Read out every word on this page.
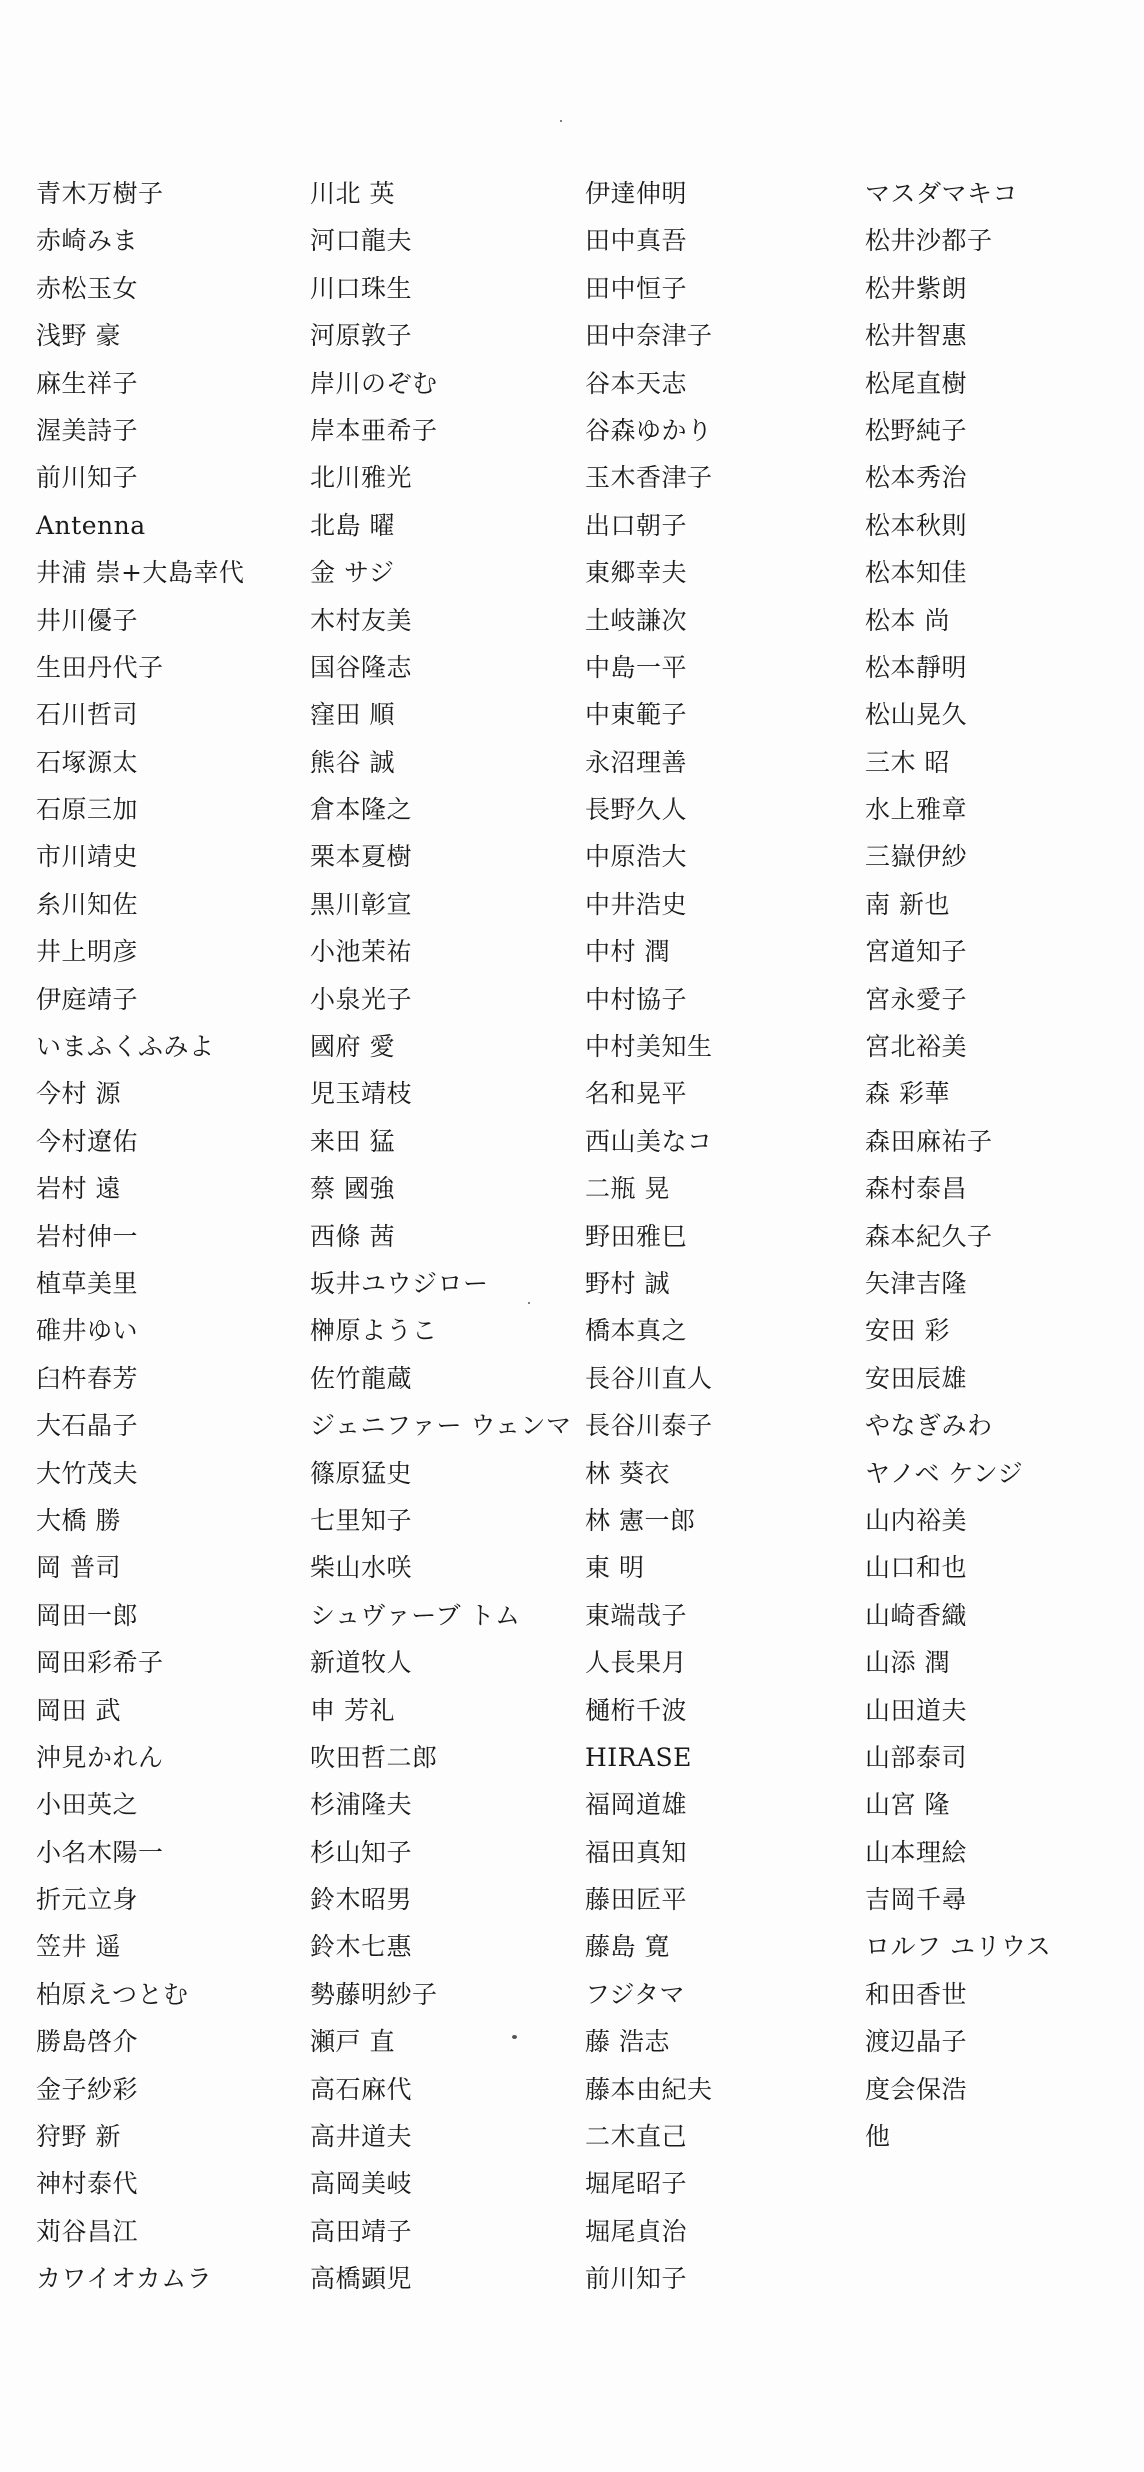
青木万樹子
赤崎みま
赤松玉女
浅野 豪
麻生祥子
渥美詩子
前川知子
Antenna
井浦 崇+大島幸代
井川優子
生田丹代子
石川哲司
石塚源太
石原三加
市川靖史
糸川知佐
井上明彦
伊庭靖子
いまふくふみよ
今村 源
今村遼佑
岩村 遠
岩村伸一
植草美里
碓井ゆい
臼杵春芳
大石晶子
大竹茂夫
大橋 勝
岡 普司
岡田一郎
岡田彩希子
岡田 武
沖見かれん
小田英之
小名木陽一
折元立身
笠井 遥
柏原えつとむ
勝島啓介
金子紗彩
狩野 新
神村泰代
苅谷昌江
カワイオカムラ
川北 英
河口龍夫
川口珠生
河原敦子
岸川のぞむ
岸本亜希子
北川雅光
北島 曜
金 サジ
木村友美
国谷隆志
窪田 順
熊谷 誠
倉本隆之
栗本夏樹
黒川彰宣
小池茉祐
小泉光子
國府 愛
児玉靖枝
来田 猛
蔡 國強
西條 茜
坂井ユウジロー
榊原ようこ
佐竹龍蔵
ジェニファー ウェンマ
篠原猛史
七里知子
柴山水咲
シュヴァーブ トム
新道牧人
申 芳礼
吹田哲二郎
杉浦隆夫
杉山知子
鈴木昭男
鈴木七惠
勢藤明紗子
瀬戸 直
高石麻代
高井道夫
高岡美岐
高田靖子
高橋顕児
伊達伸明
田中真吾
田中恒子
田中奈津子
谷本天志
谷森ゆかり
玉木香津子
出口朝子
東郷幸夫
土岐謙次
中島一平
中東範子
永沼理善
長野久人
中原浩大
中井浩史
中村 潤
中村協子
中村美知生
名和晃平
西山美なコ
二瓶 晃
野田雅巳
野村 誠
橋本真之
長谷川直人
長谷川泰子
林 葵衣
林 憲一郎
東 明
東端哉子
人長果月
樋桁千波
HIRASE
福岡道雄
福田真知
藤田匠平
藤島 寛
フジタマ
藤 浩志
藤本由紀夫
二木直己
堀尾昭子
堀尾貞治
前川知子
マスダマキコ
松井沙都子
松井紫朗
松井智惠
松尾直樹
松野純子
松本秀治
松本秋則
松本知佳
松本 尚
松本靜明
松山晃久
三木 昭
水上雅章
三嶽伊紗
南 新也
宮道知子
宮永愛子
宮北裕美
森 彩華
森田麻祐子
森村泰昌
森本紀久子
矢津吉隆
安田 彩
安田辰雄
やなぎみわ
ヤノベ ケンジ
山内裕美
山口和也
山崎香織
山添 潤
山田道夫
山部泰司
山宮 隆
山本理絵
吉岡千尋
ロルフ ユリウス
和田香世
渡辺晶子
度会保浩
他
